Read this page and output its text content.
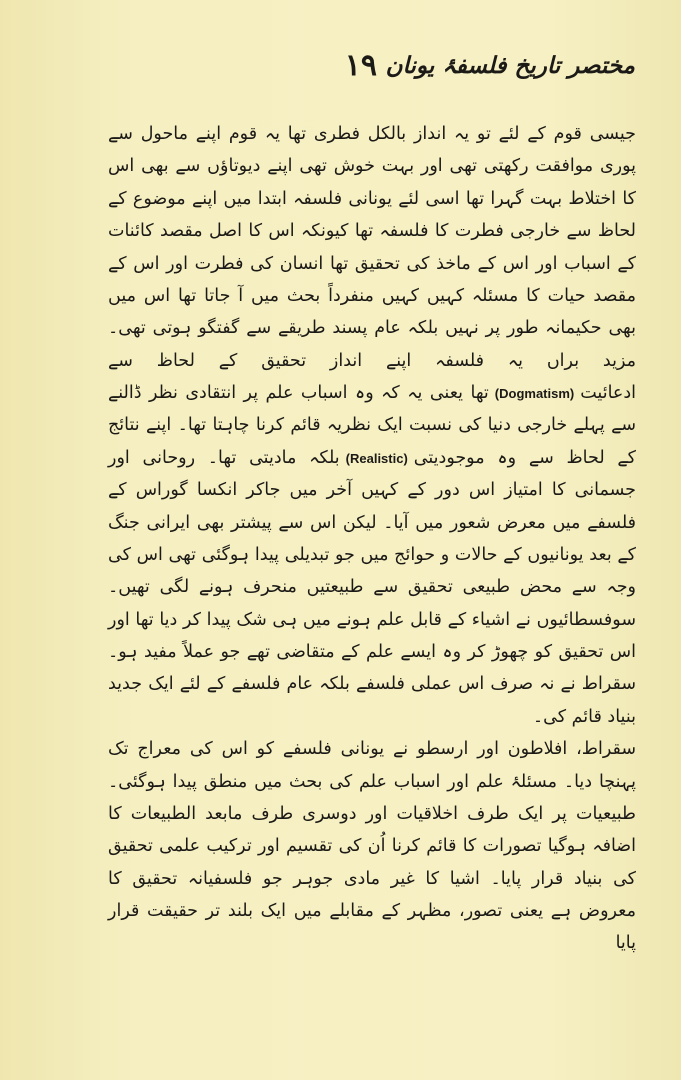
مختصر تاریخ فلسفۂ یونان
١٩

جیسی قوم کے لئے تو یہ انداز بالکل فطری تھا یہ قوم اپنے ماحول سے پوری موافقت رکھتی تھی اور بہت خوش تھی اپنے دیوتاؤں سے بھی اس کا اختلاط بہت گہرا تھا اسی لئے یونانی فلسفہ ابتدا میں اپنے موضوع کے لحاظ سے خارجی فطرت کا فلسفہ تھا کیونکہ اس کا اصل مقصد کائنات کے اسباب اور اس کے ماخذ کی تحقیق تھا انسان کی فطرت اور اس کے مقصد حیات کا مسئلہ کہیں کہیں منفرداً بحث میں آ جاتا تھا اس میں بھی حکیمانہ طور پر نہیں بلکہ عام پسند طریقے سے گفتگو ہوتی تھی۔ مزید براں یہ فلسفہ اپنے انداز تحقیق کے لحاظ سے ادعائیت(Dogmatism)تھا یعنی یہ کہ وہ اسباب علم پر انتقادی نظر ڈالنے سے پہلے خارجی دنیا کی نسبت ایک نظریہ قائم کرنا چاہتا تھا۔ اپنے نتائج کے لحاظ سے وہ موجودیتی(Realistic)بلکہ مادیتی تھا۔ روحانی اور جسمانی کا امتیاز اس دور کے کہیں آخر میں جاکر انکسا گوراس کے فلسفے میں معرض شعور میں آیا۔ لیکن اس سے پیشتر بھی ایرانی جنگ کے بعد یونانیوں کے حالات و حوائج میں جو تبدیلی پیدا ہوگئی تھی اس کی وجہ سے محض طبیعی تحقیق سے طبیعتیں منحرف ہونے لگی تھیں۔ سوفسطائیوں نے اشیاء کے قابل علم ہونے میں ہی شک پیدا کر دیا تھا اور اس تحقیق کو چھوڑ کر وہ ایسے علم کے متقاضی تھے جو عملاً مفید ہو۔ سقراط نے نہ صرف اس عملی فلسفے بلکہ عام فلسفے کے لئے ایک جدید بنیاد قائم کی۔

سقراط، افلاطون اور ارسطو نے یونانی فلسفے کو اس کی معراج تک پہنچا دیا۔ مسئلۂ علم اور اسباب علم کی بحث میں منطق پیدا ہوگئی۔ طبیعیات پر ایک طرف اخلاقیات اور دوسری طرف مابعد الطبیعات کا اضافہ ہوگیا تصورات کا قائم کرنا اُن کی تقسیم اور ترکیب علمی تحقیق کی بنیاد قرار پایا۔ اشیا کا غیر مادی جوہر جو فلسفیانہ تحقیق کا معروض ہے یعنی تصور، مظہر کے مقابلے میں ایک بلند تر حقیقت قرار پایا
